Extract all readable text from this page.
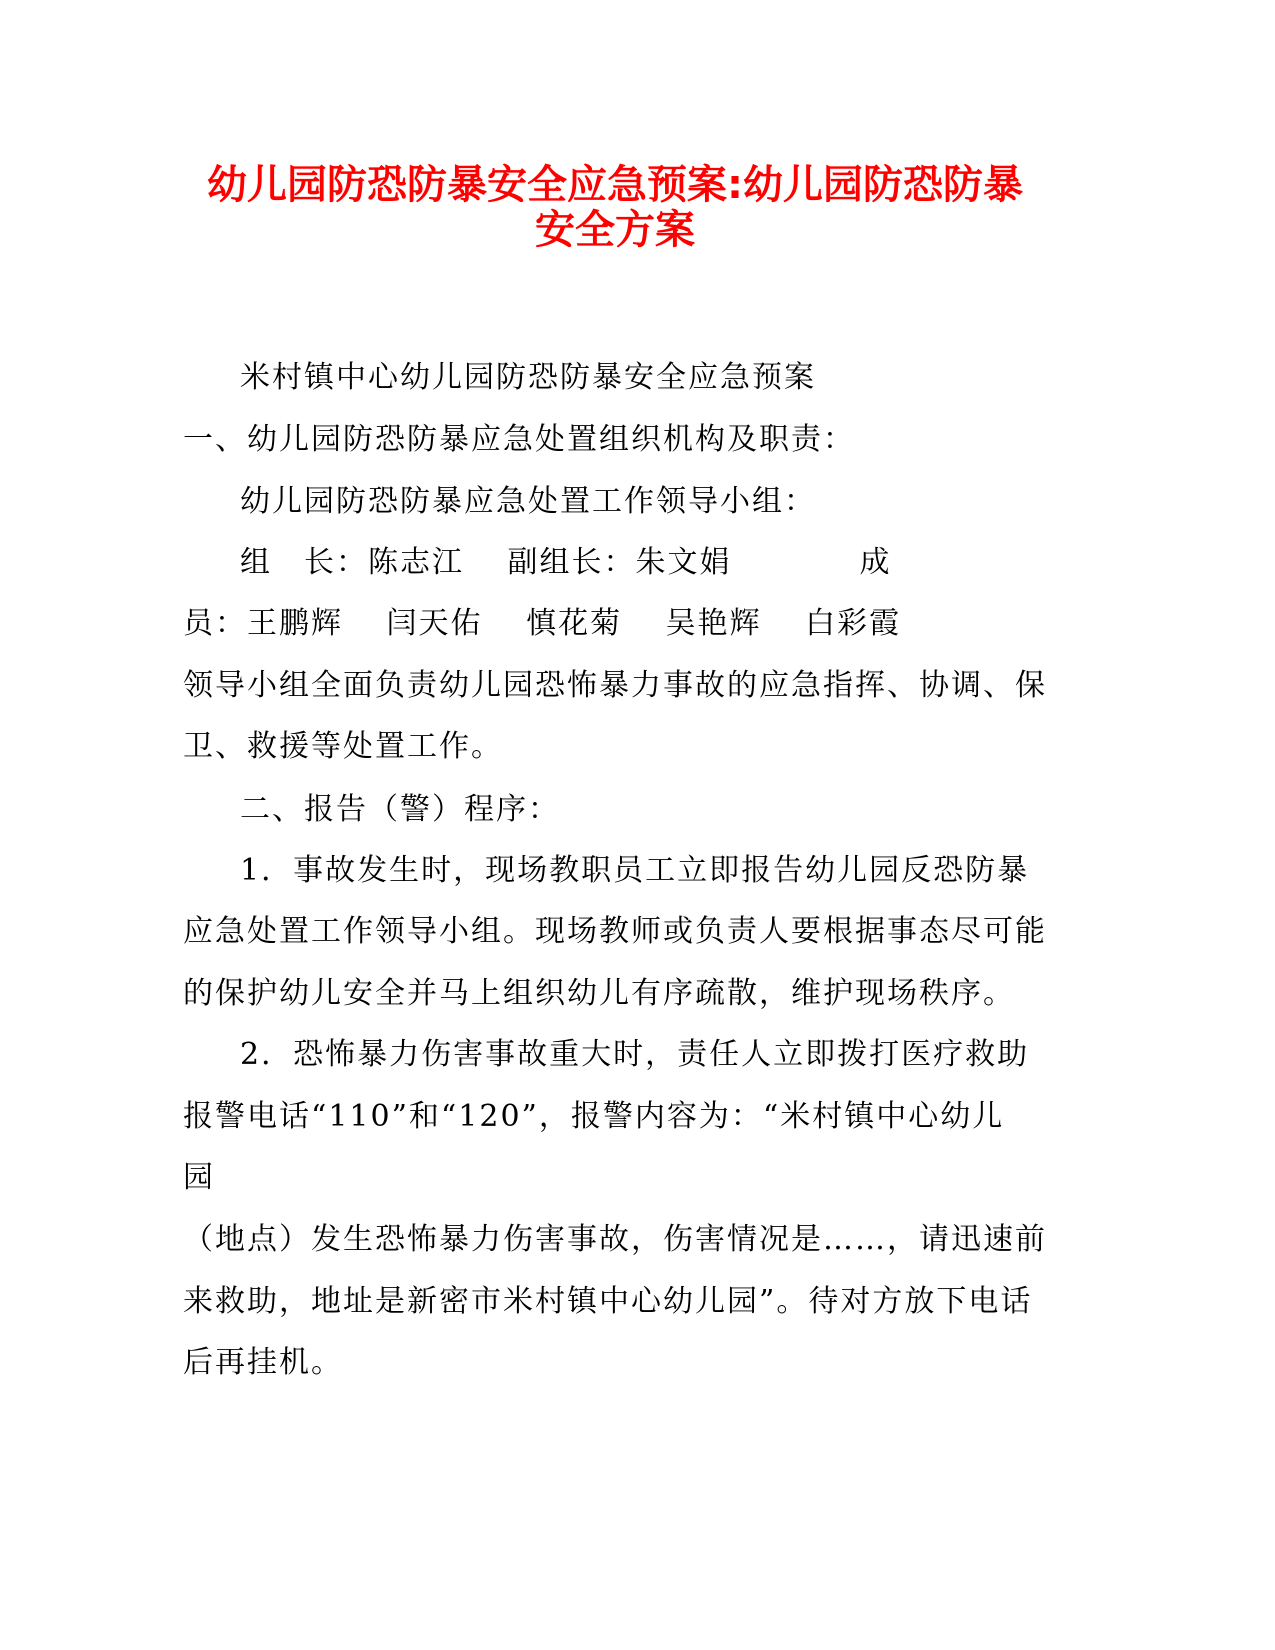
幼儿园防恐防暴安全应急预案:幼儿园防恐防暴
安全方案
米村镇中心幼儿园防恐防暴安全应急预案
一、幼儿园防恐防暴应急处置组织机构及职责：
幼儿园防恐防暴应急处置工作领导小组：
组　长：陈志江　 副组长：朱文娟　　　　成
员：王鹏辉　 闫天佑　 慎花菊　 吴艳辉　 白彩霞
领导小组全面负责幼儿园恐怖暴力事故的应急指挥、协调、保
卫、救援等处置工作。
二、报告（警）程序：
1．事故发生时，现场教职员工立即报告幼儿园反恐防暴
应急处置工作领导小组。现场教师或负责人要根据事态尽可能
的保护幼儿安全并马上组织幼儿有序疏散，维护现场秩序。
2．恐怖暴力伤害事故重大时，责任人立即拨打医疗救助
报警电话“110”和“120”，报警内容为：“米村镇中心幼儿
园
（地点）发生恐怖暴力伤害事故，伤害情况是……，请迅速前
来救助，地址是新密市米村镇中心幼儿园”。待对方放下电话
后再挂机。
